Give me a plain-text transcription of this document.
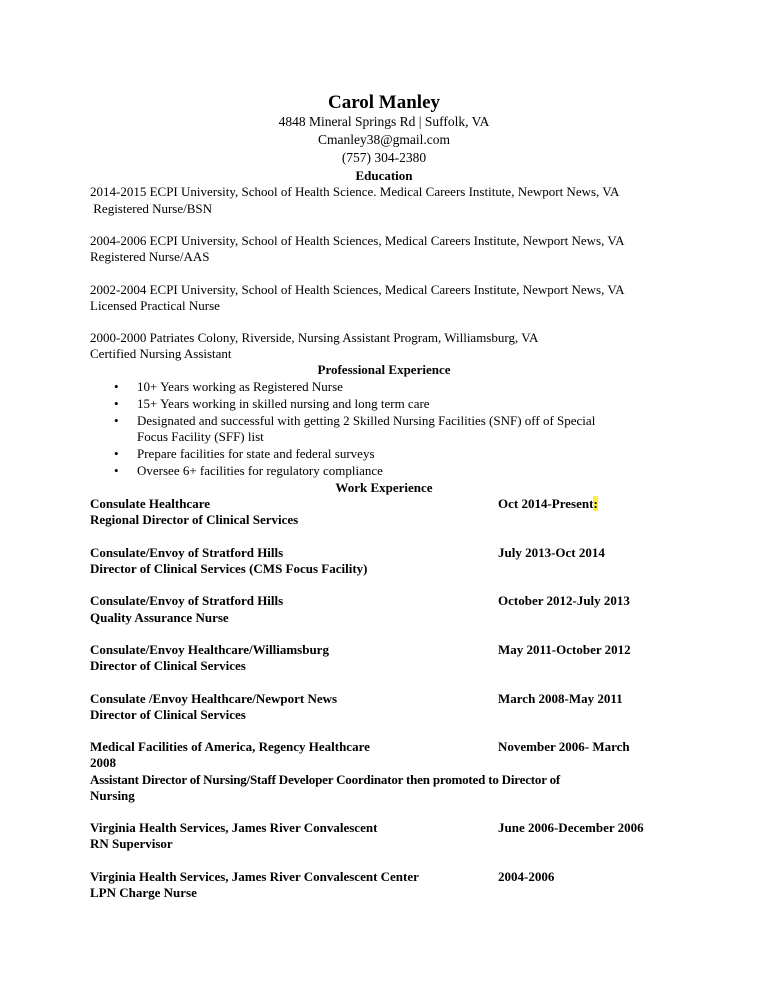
Carol Manley
4848 Mineral Springs Rd | Suffolk, VA
Cmanley38@gmail.com
(757) 304-2380
Education
2014-2015 ECPI University, School of Health Science. Medical Careers Institute, Newport News, VA
Registered Nurse/BSN
2004-2006 ECPI University, School of Health Sciences, Medical Careers Institute, Newport News, VA
Registered Nurse/AAS
2002-2004 ECPI University, School of Health Sciences, Medical Careers Institute, Newport News, VA
Licensed Practical Nurse
2000-2000 Patriates Colony, Riverside, Nursing Assistant Program, Williamsburg, VA
Certified Nursing Assistant
Professional Experience
• 10+ Years working as Registered Nurse
• 15+ Years working in skilled nursing and long term care
• Designated and successful with getting 2 Skilled Nursing Facilities (SNF) off of Special
Focus Facility (SFF) list
• Prepare facilities for state and federal surveys
• Oversee 6+ facilities for regulatory compliance
Work Experience
Consulate Healthcare	Oct 2014-Present:
Regional Director of Clinical Services
Consulate/Envoy of Stratford Hills	July 2013-Oct 2014
Director of Clinical Services (CMS Focus Facility)
Consulate/Envoy of Stratford Hills	October 2012-July 2013
Quality Assurance Nurse
Consulate/Envoy Healthcare/Williamsburg	May 2011-October 2012
Director of Clinical Services
Consulate /Envoy Healthcare/Newport News	March 2008-May 2011
Director of Clinical Services
Medical Facilities of America, Regency Healthcare	November 2006- March
2008
Assistant Director of Nursing/Staff Developer Coordinator then promoted to Director of
Nursing
Virginia Health Services, James River Convalescent	June 2006-December 2006
RN Supervisor
Virginia Health Services, James River Convalescent Center	2004-2006
LPN Charge Nurse
